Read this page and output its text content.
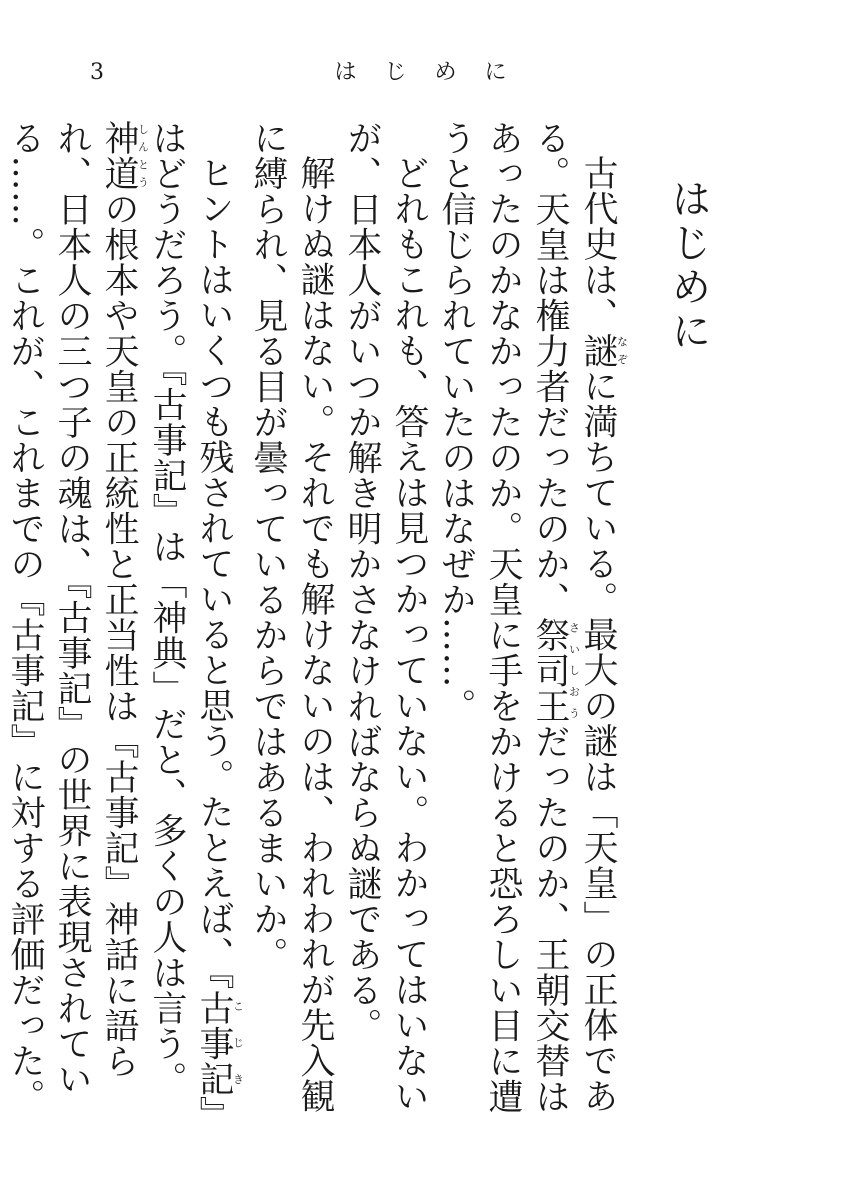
3	はじめに
はじめに

古代史は、謎なぞに満ちている。最大の謎は「天皇」の正体である。天皇は権力者だったのか、祭司王さいしおうだったのか、王朝交替はあったのかなかったのか。天皇に手をかけると恐ろしい目に遭うと信じられていたのはなぜか……。

どれもこれも、答えは見つかっていない。わかってはいないが、日本人がいつか解き明かさなければならぬ謎である。

解けぬ謎はない。それでも解けないのは、われわれが先入観に縛られ、見る目が曇っているからではあるまいか。

ヒントはいくつも残されていると思う。たとえば、『古事記こじき』はどうだろう。『古事記』は「神典」だと、多くの人は言う。神道しんとうの根本や天皇の正統性と正当性は『古事記』神話に語られ、日本人の三つ子の魂は、『古事記』の世界に表現されている……。これが、これまでの『古事記』に対する評価だった。
